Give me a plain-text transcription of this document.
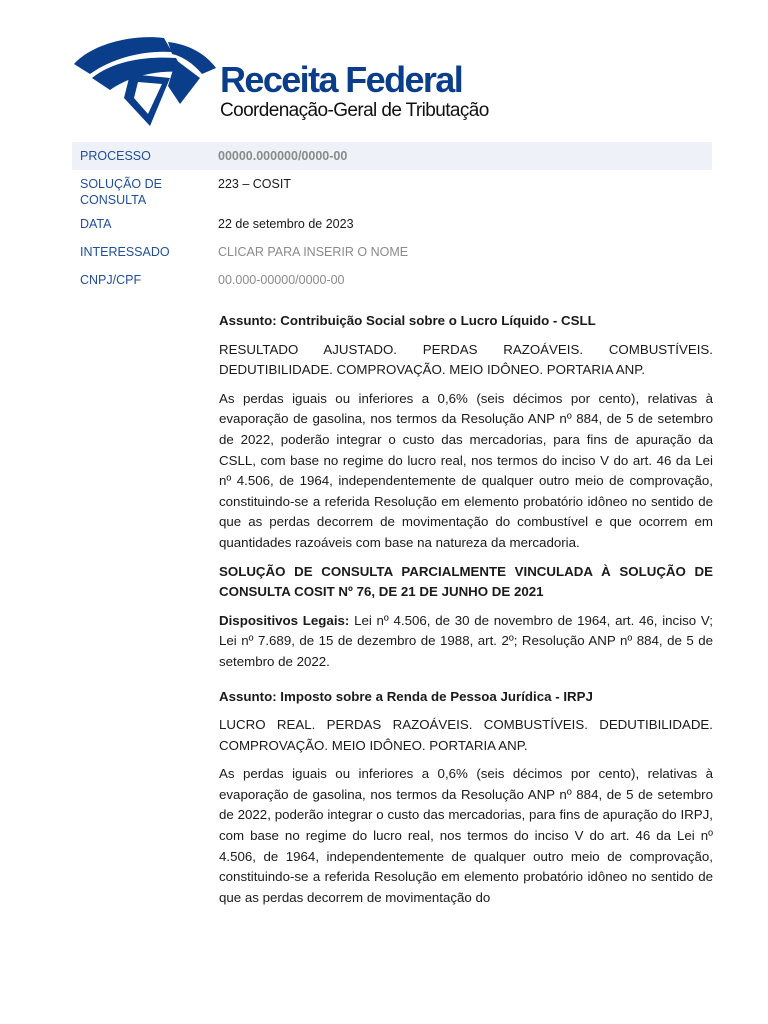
Receita Federal
Coordenação-Geral de Tributação
PROCESSO	00000.000000/0000-00
SOLUÇÃO DE CONSULTA	223 – COSIT
DATA	22 de setembro de 2023
INTERESSADO	CLICAR PARA INSERIR O NOME
CNPJ/CPF	00.000-00000/0000-00

Assunto: Contribuição Social sobre o Lucro Líquido - CSLL

RESULTADO AJUSTADO. PERDAS RAZOÁVEIS. COMBUSTÍVEIS. DEDUTIBILIDADE. COMPROVAÇÃO. MEIO IDÔNEO. PORTARIA ANP.

As perdas iguais ou inferiores a 0,6% (seis décimos por cento), relativas à evaporação de gasolina, nos termos da Resolução ANP nº 884, de 5 de setembro de 2022, poderão integrar o custo das mercadorias, para fins de apuração da CSLL, com base no regime do lucro real, nos termos do inciso V do art. 46 da Lei nº 4.506, de 1964, independentemente de qualquer outro meio de comprovação, constituindo-se a referida Resolução em elemento probatório idôneo no sentido de que as perdas decorrem de movimentação do combustível e que ocorrem em quantidades razoáveis com base na natureza da mercadoria.

SOLUÇÃO DE CONSULTA PARCIALMENTE VINCULADA À SOLUÇÃO DE CONSULTA COSIT Nº 76, DE 21 DE JUNHO DE 2021

Dispositivos Legais: Lei nº 4.506, de 30 de novembro de 1964, art. 46, inciso V; Lei nº 7.689, de 15 de dezembro de 1988, art. 2º; Resolução ANP nº 884, de 5 de setembro de 2022.

Assunto: Imposto sobre a Renda de Pessoa Jurídica - IRPJ

LUCRO REAL. PERDAS RAZOÁVEIS. COMBUSTÍVEIS. DEDUTIBILIDADE. COMPROVAÇÃO. MEIO IDÔNEO. PORTARIA ANP.

As perdas iguais ou inferiores a 0,6% (seis décimos por cento), relativas à evaporação de gasolina, nos termos da Resolução ANP nº 884, de 5 de setembro de 2022, poderão integrar o custo das mercadorias, para fins de apuração do IRPJ, com base no regime do lucro real, nos termos do inciso V do art. 46 da Lei nº 4.506, de 1964, independentemente de qualquer outro meio de comprovação, constituindo-se a referida Resolução em elemento probatório idôneo no sentido de que as perdas decorrem de movimentação do
